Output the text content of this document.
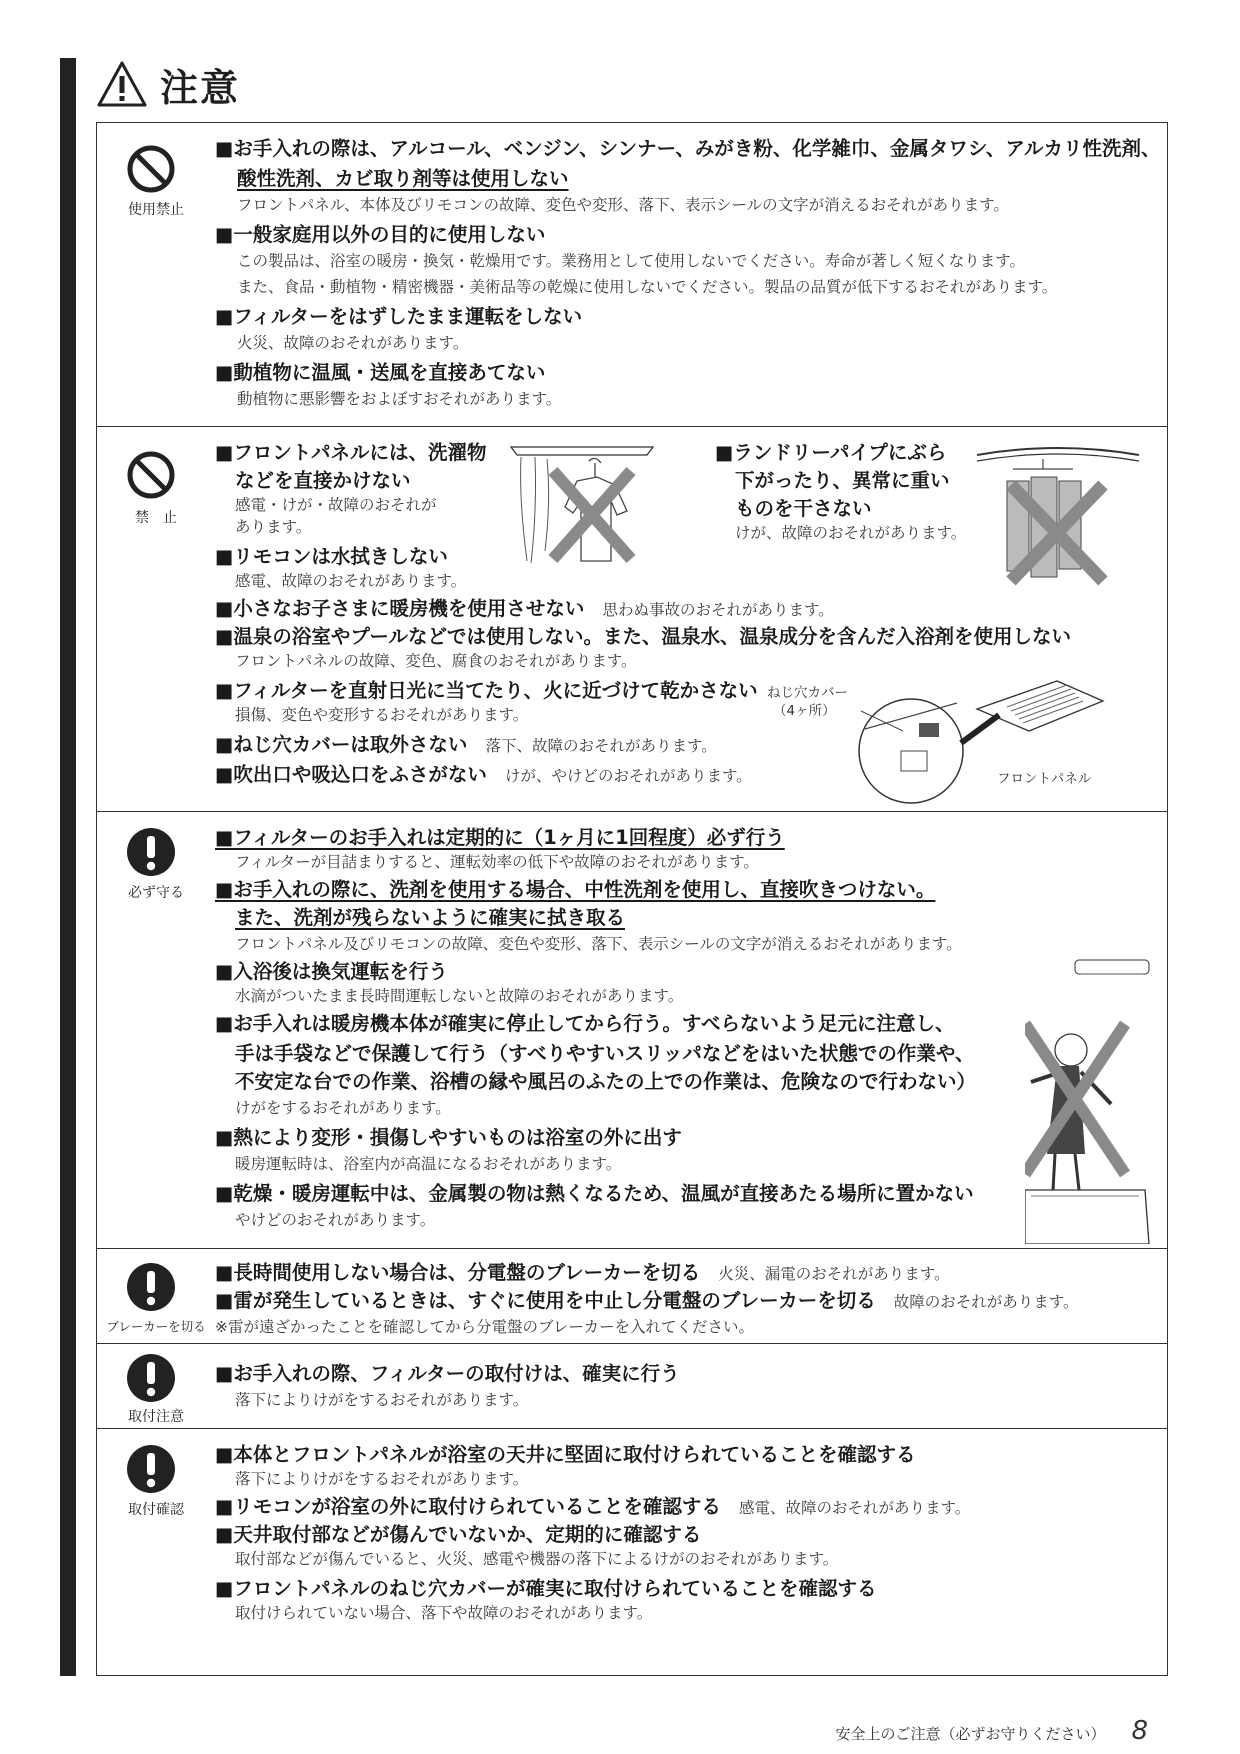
注意
使用禁止
■お手入れの際は、アルコール、ベンジン、シンナー、みがき粉、化学雑巾、金属タワシ、アルカリ性洗剤、
酸性洗剤、カビ取り剤等は使用しない
フロントパネル、本体及びリモコンの故障、変色や変形、落下、表示シールの文字が消えるおそれがあります。
■一般家庭用以外の目的に使用しない
この製品は、浴室の暖房・換気・乾燥用です。業務用として使用しないでください。寿命が著しく短くなります。
また、食品・動植物・精密機器・美術品等の乾燥に使用しないでください。製品の品質が低下するおそれがあります。
■フィルターをはずしたまま運転をしない
火災、故障のおそれがあります。
■動植物に温風・送風を直接あてない
動植物に悪影響をおよぼすおそれがあります。
禁　止
■フロントパネルには、洗濯物
などを直接かけない
感電・けが・故障のおそれが
あります。
■リモコンは水拭きしない
感電、故障のおそれがあります。
■ランドリーパイプにぶら
下がったり、異常に重い
ものを干さない
けが、故障のおそれがあります。
■小さなお子さまに暖房機を使用させない 思わぬ事故のおそれがあります。
■温泉の浴室やプールなどでは使用しない。また、温泉水、温泉成分を含んだ入浴剤を使用しない
フロントパネルの故障、変色、腐食のおそれがあります。
■フィルターを直射日光に当てたり、火に近づけて乾かさない
損傷、変色や変形するおそれがあります。
■ねじ穴カバーは取外さない 落下、故障のおそれがあります。
■吹出口や吸込口をふさがない けが、やけどのおそれがあります。
ねじ穴カバー
（4ヶ所）
フロントパネル
必ず守る
■フィルターのお手入れは定期的に（1ヶ月に1回程度）必ず行う
フィルターが目詰まりすると、運転効率の低下や故障のおそれがあります。
■お手入れの際に、洗剤を使用する場合、中性洗剤を使用し、直接吹きつけない。
また、洗剤が残らないように確実に拭き取る
フロントパネル及びリモコンの故障、変色や変形、落下、表示シールの文字が消えるおそれがあります。
■入浴後は換気運転を行う
水滴がついたまま長時間運転しないと故障のおそれがあります。
■お手入れは暖房機本体が確実に停止してから行う。すべらないよう足元に注意し、
手は手袋などで保護して行う（すべりやすいスリッパなどをはいた状態での作業や、
不安定な台での作業、浴槽の縁や風呂のふたの上での作業は、危険なので行わない）
けがをするおそれがあります。
■熱により変形・損傷しやすいものは浴室の外に出す
暖房運転時は、浴室内が高温になるおそれがあります。
■乾燥・暖房運転中は、金属製の物は熱くなるため、温風が直接あたる場所に置かない
やけどのおそれがあります。
ブレーカーを切る
■長時間使用しない場合は、分電盤のブレーカーを切る 火災、漏電のおそれがあります。
■雷が発生しているときは、すぐに使用を中止し分電盤のブレーカーを切る 故障のおそれがあります。
※雷が遠ざかったことを確認してから分電盤のブレーカーを入れてください。
取付注意
■お手入れの際、フィルターの取付けは、確実に行う
落下によりけがをするおそれがあります。
取付確認
■本体とフロントパネルが浴室の天井に堅固に取付けられていることを確認する
落下によりけがをするおそれがあります。
■リモコンが浴室の外に取付けられていることを確認する 感電、故障のおそれがあります。
■天井取付部などが傷んでいないか、定期的に確認する
取付部などが傷んでいると、火災、感電や機器の落下によるけがのおそれがあります。
■フロントパネルのねじ穴カバーが確実に取付けられていることを確認する
取付けられていない場合、落下や故障のおそれがあります。
安全上のご注意（必ずお守りください） 8
